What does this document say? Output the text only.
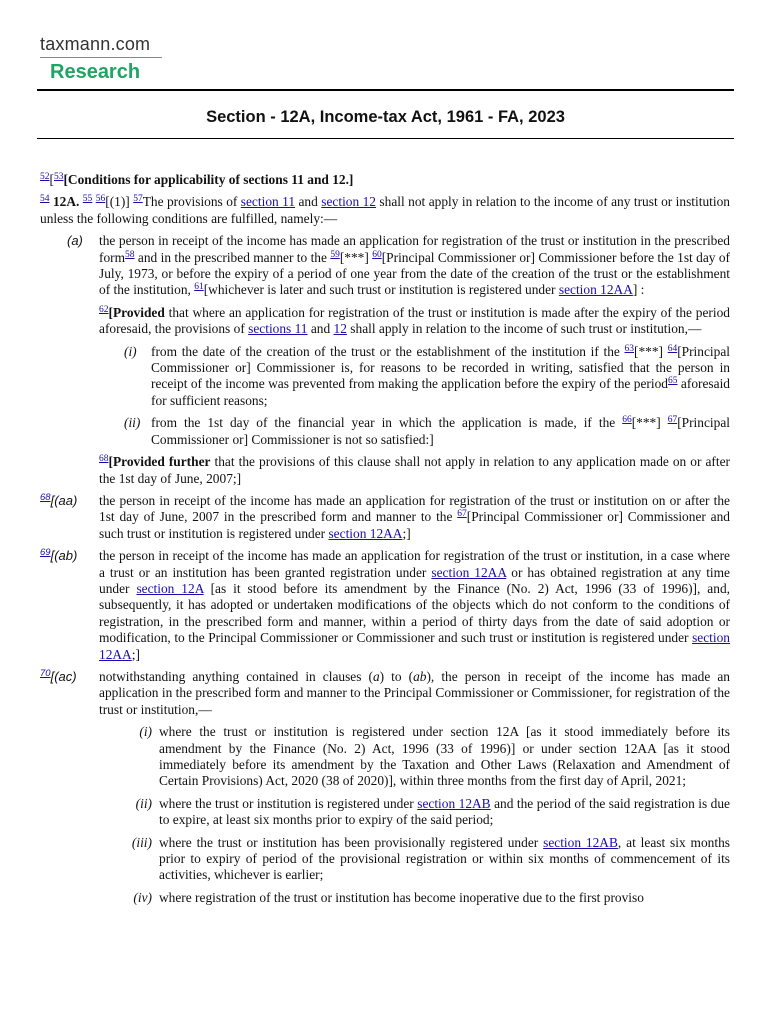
taxmann.com
Research
Section - 12A, Income-tax Act, 1961 - FA, 2023

$^{52}$[$^{53}$[Conditions for applicability of sections 11 and 12.]

$^{54}$ 12A. $^{55}$ $^{56}$[(1)] $^{57}$The provisions of section 11 and section 12 shall not apply in relation to the income of any trust or institution unless the following conditions are fulfilled, namely:—

(a)	the person in receipt of the income has made an application for registration of the trust or institution in the prescribed form$^{58}$ and in the prescribed manner to the $^{59}$[***] $^{60}$[Principal Commissioner or] Commissioner before the 1st day of July, 1973, or before the expiry of a period of one year from the date of the creation of the trust or the establishment of the institution, $^{61}$[whichever is later and such trust or institution is registered under section 12AA] :

$^{62}$[Provided that where an application for registration of the trust or institution is made after the expiry of the period aforesaid, the provisions of sections 11 and 12 shall apply in relation to the income of such trust or institution,—

(i)	from the date of the creation of the trust or the establishment of the institution if the $^{63}$[***] $^{64}$[Principal Commissioner or] Commissioner is, for reasons to be recorded in writing, satisfied that the person in receipt of the income was prevented from making the application before the expiry of the period$^{65}$ aforesaid for sufficient reasons;
(ii) from the 1st day of the financial year in which the application is made, if the $^{66}$[***] $^{67}$[Principal Commissioner or] Commissioner is not so satisfied:]

$^{68}$[Provided further that the provisions of this clause shall not apply in relation to any application made on or after the 1st day of June, 2007;]

$^{68}$[(aa)	the person in receipt of the income has made an application for registration of the trust or institution on or after the 1st day of June, 2007 in the prescribed form and manner to the $^{67}$[Principal Commissioner or] Commissioner and such trust or institution is registered under section 12AA;]
$^{69}$[(ab)	the person in receipt of the income has made an application for registration of the trust or institution, in a case where a trust or an institution has been granted registration under section 12AA or has obtained registration at any time under section 12A [as it stood before its amendment by the Finance (No. 2) Act, 1996 (33 of 1996)], and, subsequently, it has adopted or undertaken modifications of the objects which do not conform to the conditions of registration, in the prescribed form and manner, within a period of thirty days from the date of said adoption or modification, to the Principal Commissioner or Commissioner and such trust or institution is registered under section 12AA;]
$^{70}$[(ac)	notwithstanding anything contained in clauses (a) to (ab), the person in receipt of the income has made an application in the prescribed form and manner to the Principal Commissioner or Commissioner, for registration of the trust or institution,—
(i) where the trust or institution is registered under section 12A [as it stood immediately before its amendment by the Finance (No. 2) Act, 1996 (33 of 1996)] or under section 12AA [as it stood immediately before its amendment by the Taxation and Other Laws (Relaxation and Amendment of Certain Provisions) Act, 2020 (38 of 2020)], within three months from the first day of April, 2021;
(ii) where the trust or institution is registered under section 12AB and the period of the said registration is due to expire, at least six months prior to expiry of the said period;
(iii) where the trust or institution has been provisionally registered under section 12AB, at least six months prior to expiry of period of the provisional registration or within six months of commencement of its activities, whichever is earlier;
(iv) where registration of the trust or institution has become inoperative due to the first proviso
